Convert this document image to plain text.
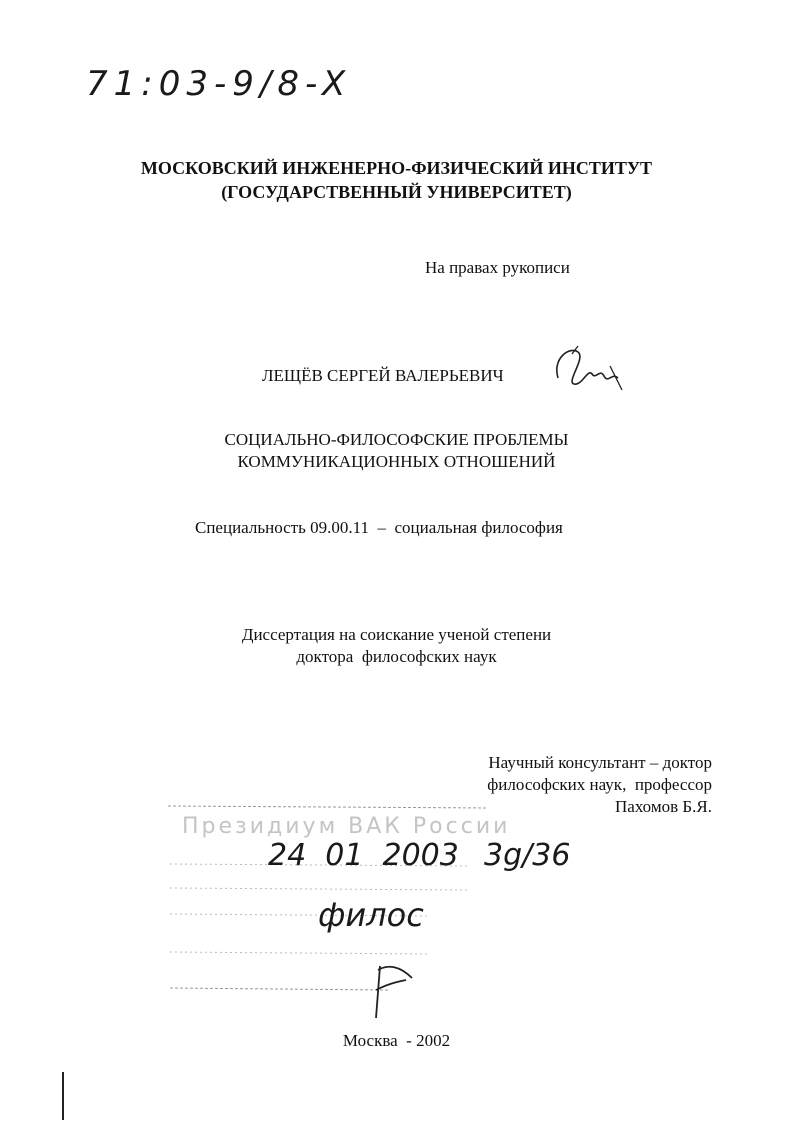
71:03-9/8-X
МОСКОВСКИЙ ИНЖЕНЕРНО-ФИЗИЧЕСКИЙ ИНСТИТУТ
(ГОСУДАРСТВЕННЫЙ УНИВЕРСИТЕТ)
На правах рукописи
ЛЕЩЁВ СЕРГЕЙ ВАЛЕРЬЕВИЧ
СОЦИАЛЬНО-ФИЛОСОФСКИЕ ПРОБЛЕМЫ
КОММУНИКАЦИОННЫХ ОТНОШЕНИЙ
Специальность 09.00.11  –  социальная философия
Диссертация на соискание ученой степени
доктора  философских наук
Научный консультант – доктор
философских наук,  профессор
Пахомов Б.Я.
Президиум ВАК России
24  01  2003 3g/36
филос
Москва  - 2002
